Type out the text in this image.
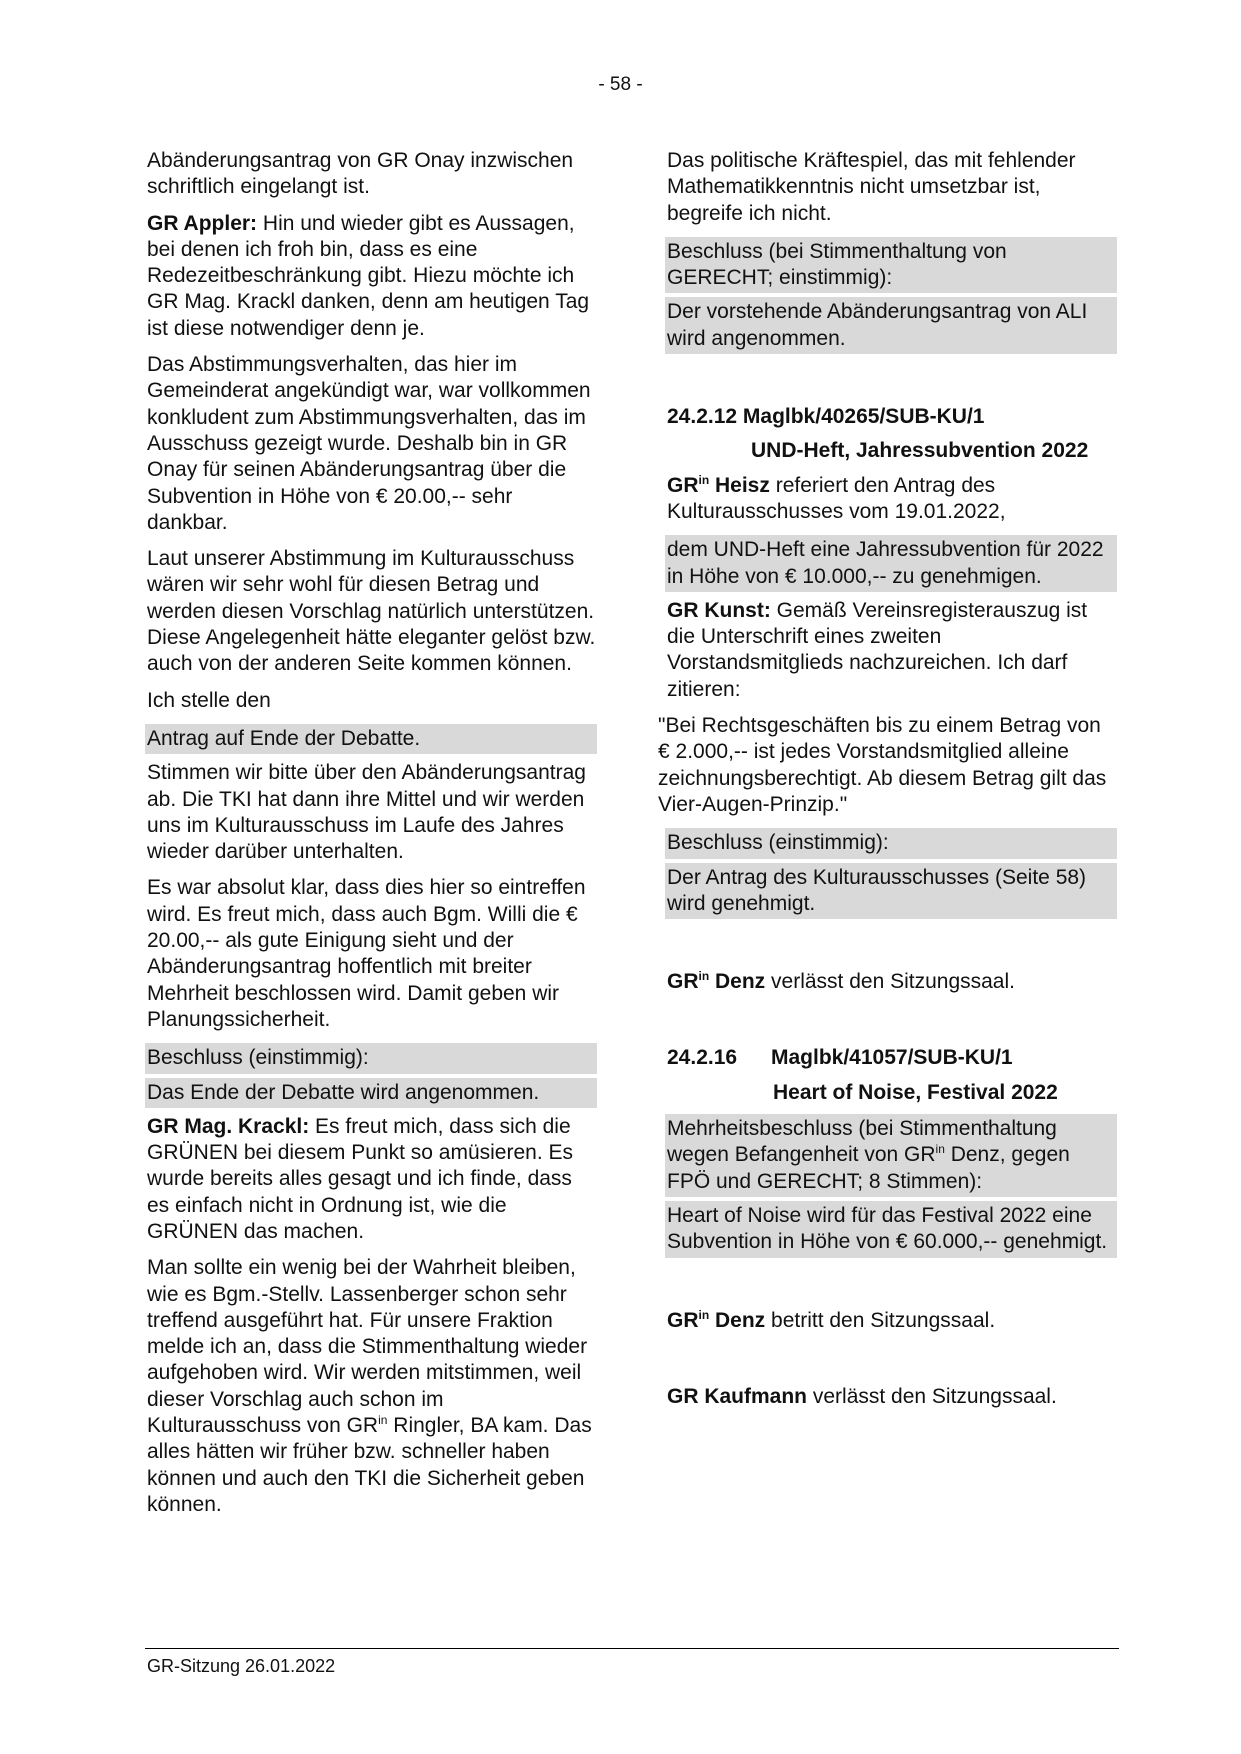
- 58 -

Abänderungsantrag von GR Onay inzwischen schriftlich eingelangt ist.

GR Appler: Hin und wieder gibt es Aussagen, bei denen ich froh bin, dass es eine Redezeitbeschränkung gibt. Hiezu möchte ich GR Mag. Krackl danken, denn am heutigen Tag ist diese notwendiger denn je.

Das Abstimmungsverhalten, das hier im Gemeinderat angekündigt war, war vollkommen konkludent zum Abstimmungsverhalten, das im Ausschuss gezeigt wurde. Deshalb bin in GR Onay für seinen Abänderungsantrag über die Subvention in Höhe von € 20.00,-- sehr dankbar.

Laut unserer Abstimmung im Kulturausschuss wären wir sehr wohl für diesen Betrag und werden diesen Vorschlag natürlich unterstützen. Diese Angelegenheit hätte eleganter gelöst bzw. auch von der anderen Seite kommen können.

Ich stelle den

Antrag auf Ende der Debatte.

Stimmen wir bitte über den Abänderungsantrag ab. Die TKI hat dann ihre Mittel und wir werden uns im Kulturausschuss im Laufe des Jahres wieder darüber unterhalten.

Es war absolut klar, dass dies hier so eintreffen wird. Es freut mich, dass auch Bgm. Willi die € 20.00,-- als gute Einigung sieht und der Abänderungsantrag hoffentlich mit breiter Mehrheit beschlossen wird. Damit geben wir Planungssicherheit.

Beschluss (einstimmig):
Das Ende der Debatte wird angenommen.

GR Mag. Krackl: Es freut mich, dass sich die GRÜNEN bei diesem Punkt so amüsieren. Es wurde bereits alles gesagt und ich finde, dass es einfach nicht in Ordnung ist, wie die GRÜNEN das machen.

Man sollte ein wenig bei der Wahrheit bleiben, wie es Bgm.-Stellv. Lassenberger schon sehr treffend ausgeführt hat. Für unsere Fraktion melde ich an, dass die Stimmenthaltung wieder aufgehoben wird. Wir werden mitstimmen, weil dieser Vorschlag auch schon im Kulturausschuss von $GR^{in}$ Ringler, BA kam. Das alles hätten wir früher bzw. schneller haben können und auch den TKI die Sicherheit geben können.

Das politische Kräftespiel, das mit fehlender Mathematikkenntnis nicht umsetzbar ist, begreife ich nicht.

Beschluss (bei Stimmenthaltung von GERECHT; einstimmig):
Der vorstehende Abänderungsantrag von ALI wird angenommen.
24.2.12 Maglbk/40265/SUB-KU/1
UND-Heft, Jahressubvention 2022

$GR^{in}$ Heisz referiert den Antrag des Kulturausschusses vom 19.01.2022,

dem UND-Heft eine Jahressubvention für 2022 in Höhe von € 10.000,-- zu genehmigen.

GR Kunst: Gemäß Vereinsregisterauszug ist die Unterschrift eines zweiten Vorstandsmitglieds nachzureichen. Ich darf zitieren:

"Bei Rechtsgeschäften bis zu einem Betrag von € 2.000,-- ist jedes Vorstandsmitglied alleine zeichnungsberechtigt. Ab diesem Betrag gilt das Vier-Augen-Prinzip."

Beschluss (einstimmig):
Der Antrag des Kulturausschusses (Seite 58) wird genehmigt.

$GR^{in}$ Denz verlässt den Sitzungssaal.

24.2.16 Maglbk/41057/SUB-KU/1
Heart of Noise, Festival 2022
Mehrheitsbeschluss (bei Stimmenthaltung wegen Befangenheit von $GR^{in}$ Denz, gegen FPÖ und GERECHT; 8 Stimmen):
Heart of Noise wird für das Festival 2022 eine Subvention in Höhe von € 60.000,-- genehmigt.

$GR^{in}$ Denz betritt den Sitzungssaal.

GR Kaufmann verlässt den Sitzungssaal.

GR-Sitzung 26.01.2022
